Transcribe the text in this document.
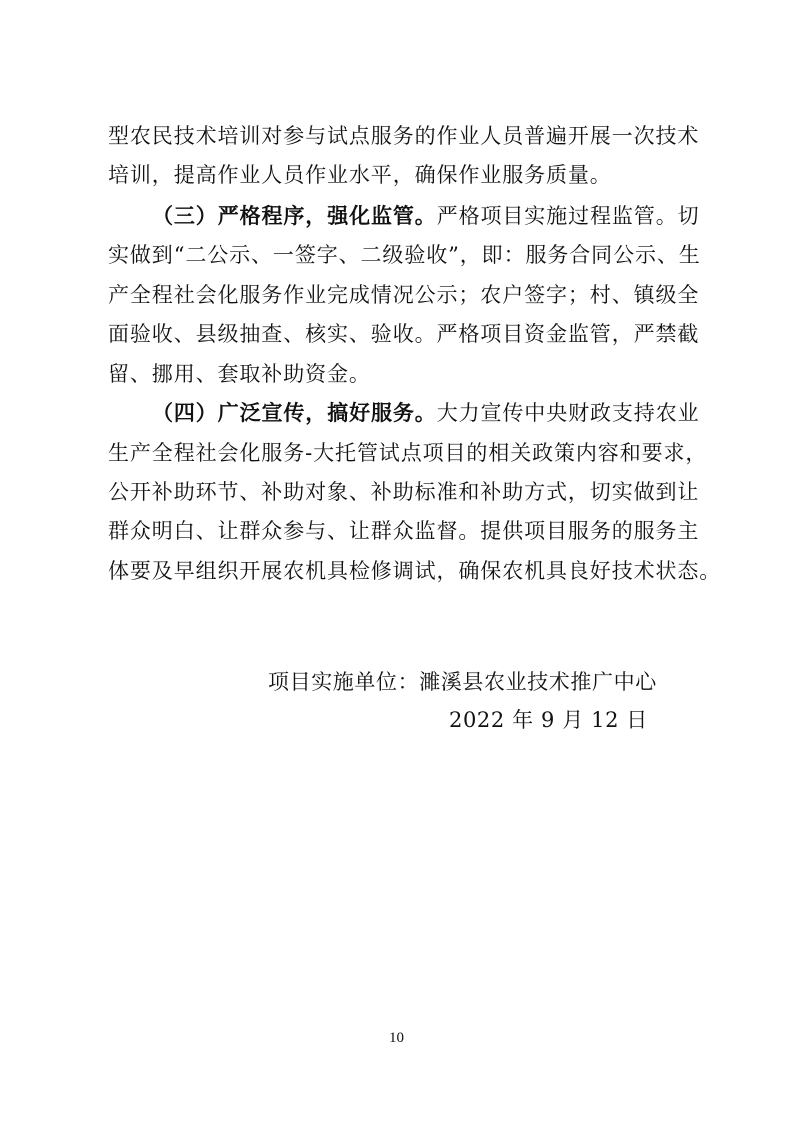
型农民技术培训对参与试点服务的作业人员普遍开展一次技术
培训，提高作业人员作业水平，确保作业服务质量。
（三）严格程序，强化监管。严格项目实施过程监管。切
实做到“二公示、一签字、二级验收”，即：服务合同公示、生
产全程社会化服务作业完成情况公示；农户签字；村、镇级全
面验收、县级抽查、核实、验收。严格项目资金监管，严禁截
留、挪用、套取补助资金。
（四）广泛宣传，搞好服务。大力宣传中央财政支持农业
生产全程社会化服务-大托管试点项目的相关政策内容和要求，
公开补助环节、补助对象、补助标准和补助方式，切实做到让
群众明白、让群众参与、让群众监督。提供项目服务的服务主
体要及早组织开展农机具检修调试，确保农机具良好技术状态。
项目实施单位：濉溪县农业技术推广中心
2022 年 9 月 12 日
10
